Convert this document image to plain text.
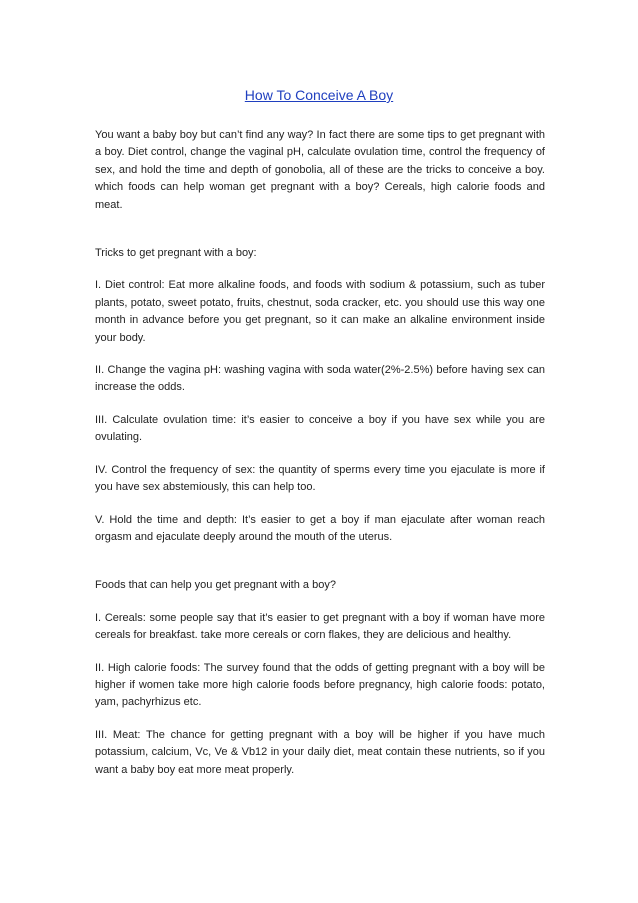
How To Conceive A Boy

You want a baby boy but can’t find any way? In fact there are some tips to get pregnant with a boy. Diet control, change the vaginal pH, calculate ovulation time, control the frequency of sex, and hold the time and depth of gonobolia, all of these are the tricks to conceive a boy. which foods can help woman get pregnant with a boy? Cereals, high calorie foods and meat.

Tricks to get pregnant with a boy:

I. Diet control: Eat more alkaline foods, and foods with sodium & potassium, such as tuber plants, potato, sweet potato, fruits, chestnut, soda cracker, etc. you should use this way one month in advance before you get pregnant, so it can make an alkaline environment inside your body.

II. Change the vagina pH: washing vagina with soda water(2%-2.5%) before having sex can increase the odds.

III. Calculate ovulation time: it’s easier to conceive a boy if you have sex while you are ovulating.

IV. Control the frequency of sex: the quantity of sperms every time you ejaculate is more if you have sex abstemiously, this can help too.

V. Hold the time and depth: It’s easier to get a boy if man ejaculate after woman reach orgasm and ejaculate deeply around the mouth of the uterus.

Foods that can help you get pregnant with a boy?

I. Cereals: some people say that it’s easier to get pregnant with a boy if woman have more cereals for breakfast. take more cereals or corn flakes, they are delicious and healthy.

II. High calorie foods: The survey found that the odds of getting pregnant with a boy will be higher if women take more high calorie foods before pregnancy, high calorie foods: potato, yam, pachyrhizus etc.

III. Meat: The chance for getting pregnant with a boy will be higher if you have much potassium, calcium, Vc, Ve & Vb12 in your daily diet, meat contain these nutrients, so if you want a baby boy eat more meat properly.
